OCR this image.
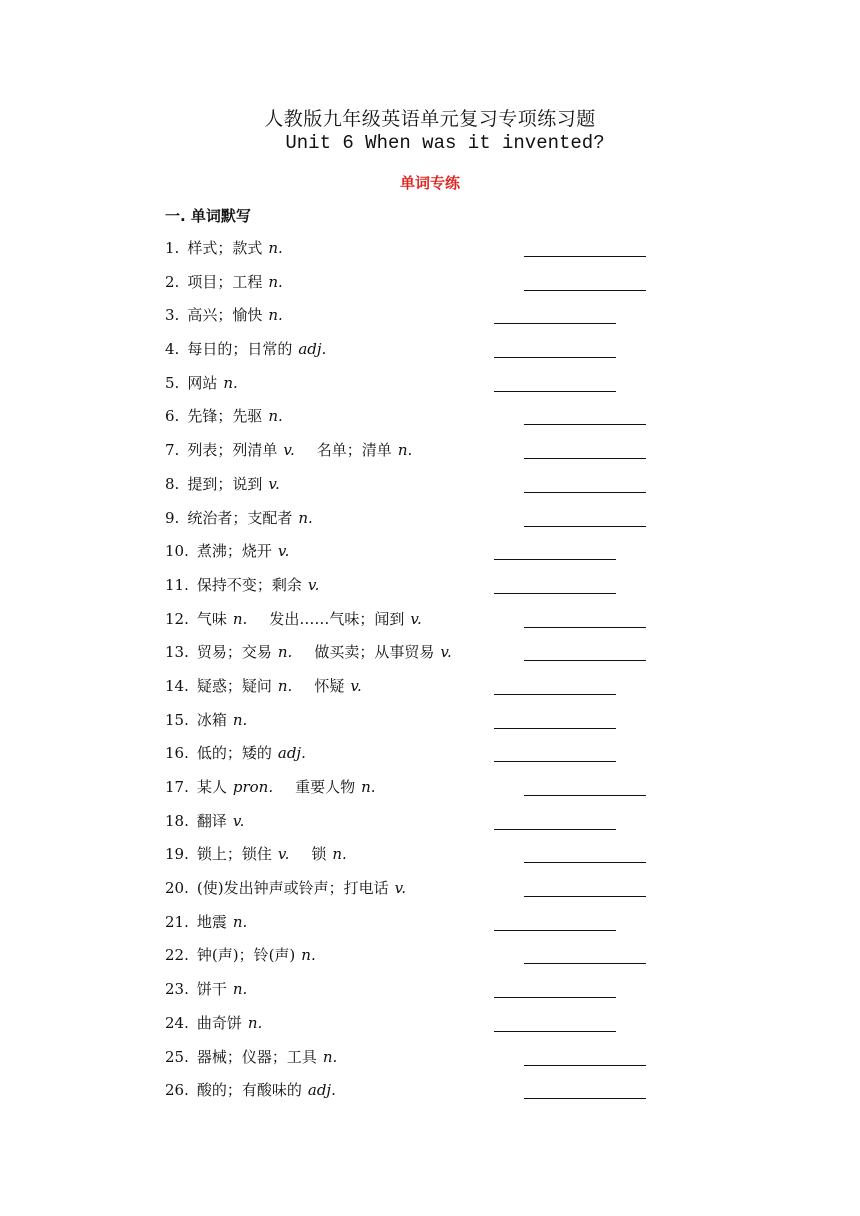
人教版九年级英语单元复习专项练习题
Unit 6 When was it invented?
单词专练
一. 单词默写
1. 样式；款式 n.
2. 项目；工程 n.
3. 高兴；愉快 n.
4. 每日的；日常的 adj.
5. 网站 n.
6. 先锋；先驱 n.
7. 列表；列清单 v. 名单；清单 n.
8. 提到；说到 v.
9. 统治者；支配者 n.
10. 煮沸；烧开 v.
11. 保持不变；剩余 v.
12. 气味 n. 发出……气味；闻到 v.
13. 贸易；交易 n. 做买卖；从事贸易 v.
14. 疑惑；疑问 n. 怀疑 v.
15. 冰箱 n.
16. 低的；矮的 adj.
17. 某人 pron. 重要人物 n.
18. 翻译 v.
19. 锁上；锁住 v. 锁 n.
20. (使)发出钟声或铃声；打电话 v.
21. 地震 n.
22. 钟(声)；铃(声) n.
23. 饼干 n.
24. 曲奇饼 n.
25. 器械；仪器；工具 n.
26. 酸的；有酸味的 adj.
